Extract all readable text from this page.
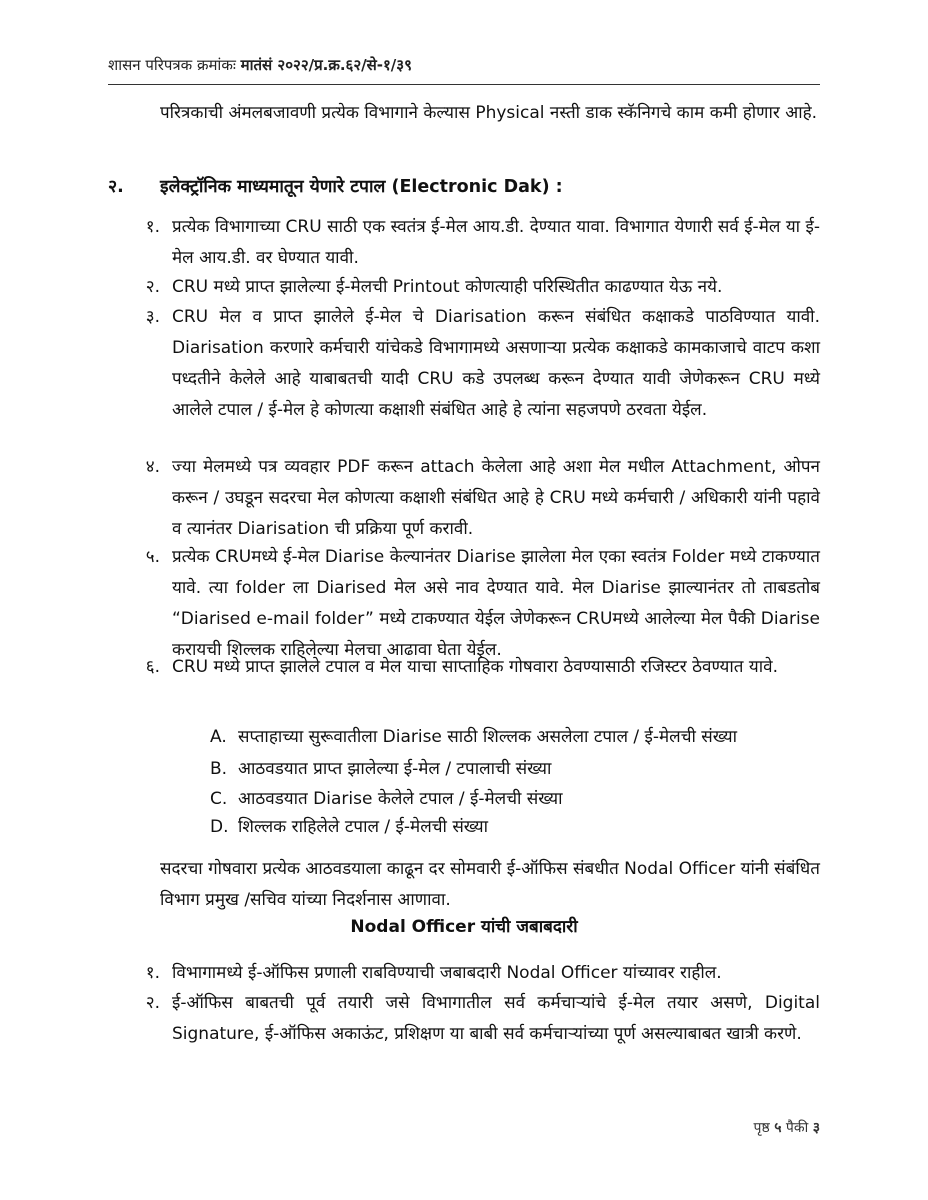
शासन परिपत्रक क्रमांकः मातंसं २०२२/प्र.क्र.६२/से-१/३९
परित्रकाची अंमलबजावणी प्रत्येक विभागाने केल्यास Physical नस्ती डाक स्कॅनिगचे काम कमी होणार आहे.
२. इलेक्ट्रॉनिक माध्यमातून येणारे टपाल (Electronic Dak) :
१. प्रत्येक विभागाच्या CRU साठी एक स्वतंत्र ई-मेल आय.डी. देण्यात यावा. विभागात येणारी सर्व ई-मेल या ई-मेल आय.डी. वर घेण्यात यावी.
२. CRU मध्ये प्राप्त झालेल्या ई-मेलची Printout कोणत्याही परिस्थितीत काढण्यात येऊ नये.
३. CRU मेल व प्राप्त झालेले ई-मेल चे Diarisation करून संबंधित कक्षाकडे पाठविण्यात यावी. Diarisation करणारे कर्मचारी यांचेकडे विभागामध्ये असणाऱ्या प्रत्येक कक्षाकडे कामकाजाचे वाटप कशा पध्दतीने केलेले आहे याबाबतची यादी CRU कडे उपलब्ध करून देण्यात यावी जेणेकरून CRU मध्ये आलेले टपाल / ई-मेल हे कोणत्या कक्षाशी संबंधित आहे हे त्यांना सहजपणे ठरवता येईल.
४. ज्या मेलमध्ये पत्र व्यवहार PDF करून attach केलेला आहे अशा मेल मधील Attachment, ओपन करून / उघडून सदरचा मेल कोणत्या कक्षाशी संबंधित आहे हे CRU मध्ये कर्मचारी / अधिकारी यांनी पहावे व त्यानंतर Diarisation ची प्रक्रिया पूर्ण करावी.
५. प्रत्येक CRUमध्ये ई-मेल Diarise केल्यानंतर Diarise झालेला मेल एका स्वतंत्र Folder मध्ये टाकण्यात यावे. त्या folder ला Diarised मेल असे नाव देण्यात यावे. मेल Diarise झाल्यानंतर तो ताबडतोब “Diarised e-mail folder” मध्ये टाकण्यात येईल जेणेकरून CRUमध्ये आलेल्या मेल पैकी Diarise करायची शिल्लक राहिलेल्या मेलचा आढावा घेता येईल.
६. CRU मध्ये प्राप्त झालेले टपाल व मेल याचा साप्ताहिक गोषवारा ठेवण्यासाठी रजिस्टर ठेवण्यात यावे.
A. सप्ताहाच्या सुरूवातीला Diarise साठी शिल्लक असलेला टपाल / ई-मेलची संख्या
B. आठवडयात प्राप्त झालेल्या ई-मेल / टपालाची संख्या
C. आठवडयात Diarise केलेले टपाल / ई-मेलची संख्या
D. शिल्लक राहिलेले टपाल / ई-मेलची संख्या
सदरचा गोषवारा प्रत्येक आठवडयाला काढून दर सोमवारी ई-ऑफिस संबधीत Nodal Officer यांनी संबंधित विभाग प्रमुख /सचिव यांच्या निदर्शनास आणावा.
Nodal Officer यांची जबाबदारी
१. विभागामध्ये ई-ऑफिस प्रणाली राबविण्याची जबाबदारी Nodal Officer यांच्यावर राहील.
२. ई-ऑफिस बाबतची पूर्व तयारी जसे विभागातील सर्व कर्मचाऱ्यांचे ई-मेल तयार असणे, Digital Signature, ई-ऑफिस अकाऊंट, प्रशिक्षण या बाबी सर्व कर्मचाऱ्यांच्या पूर्ण असल्याबाबत खात्री करणे.
पृष्ठ ५ पैकी ३
